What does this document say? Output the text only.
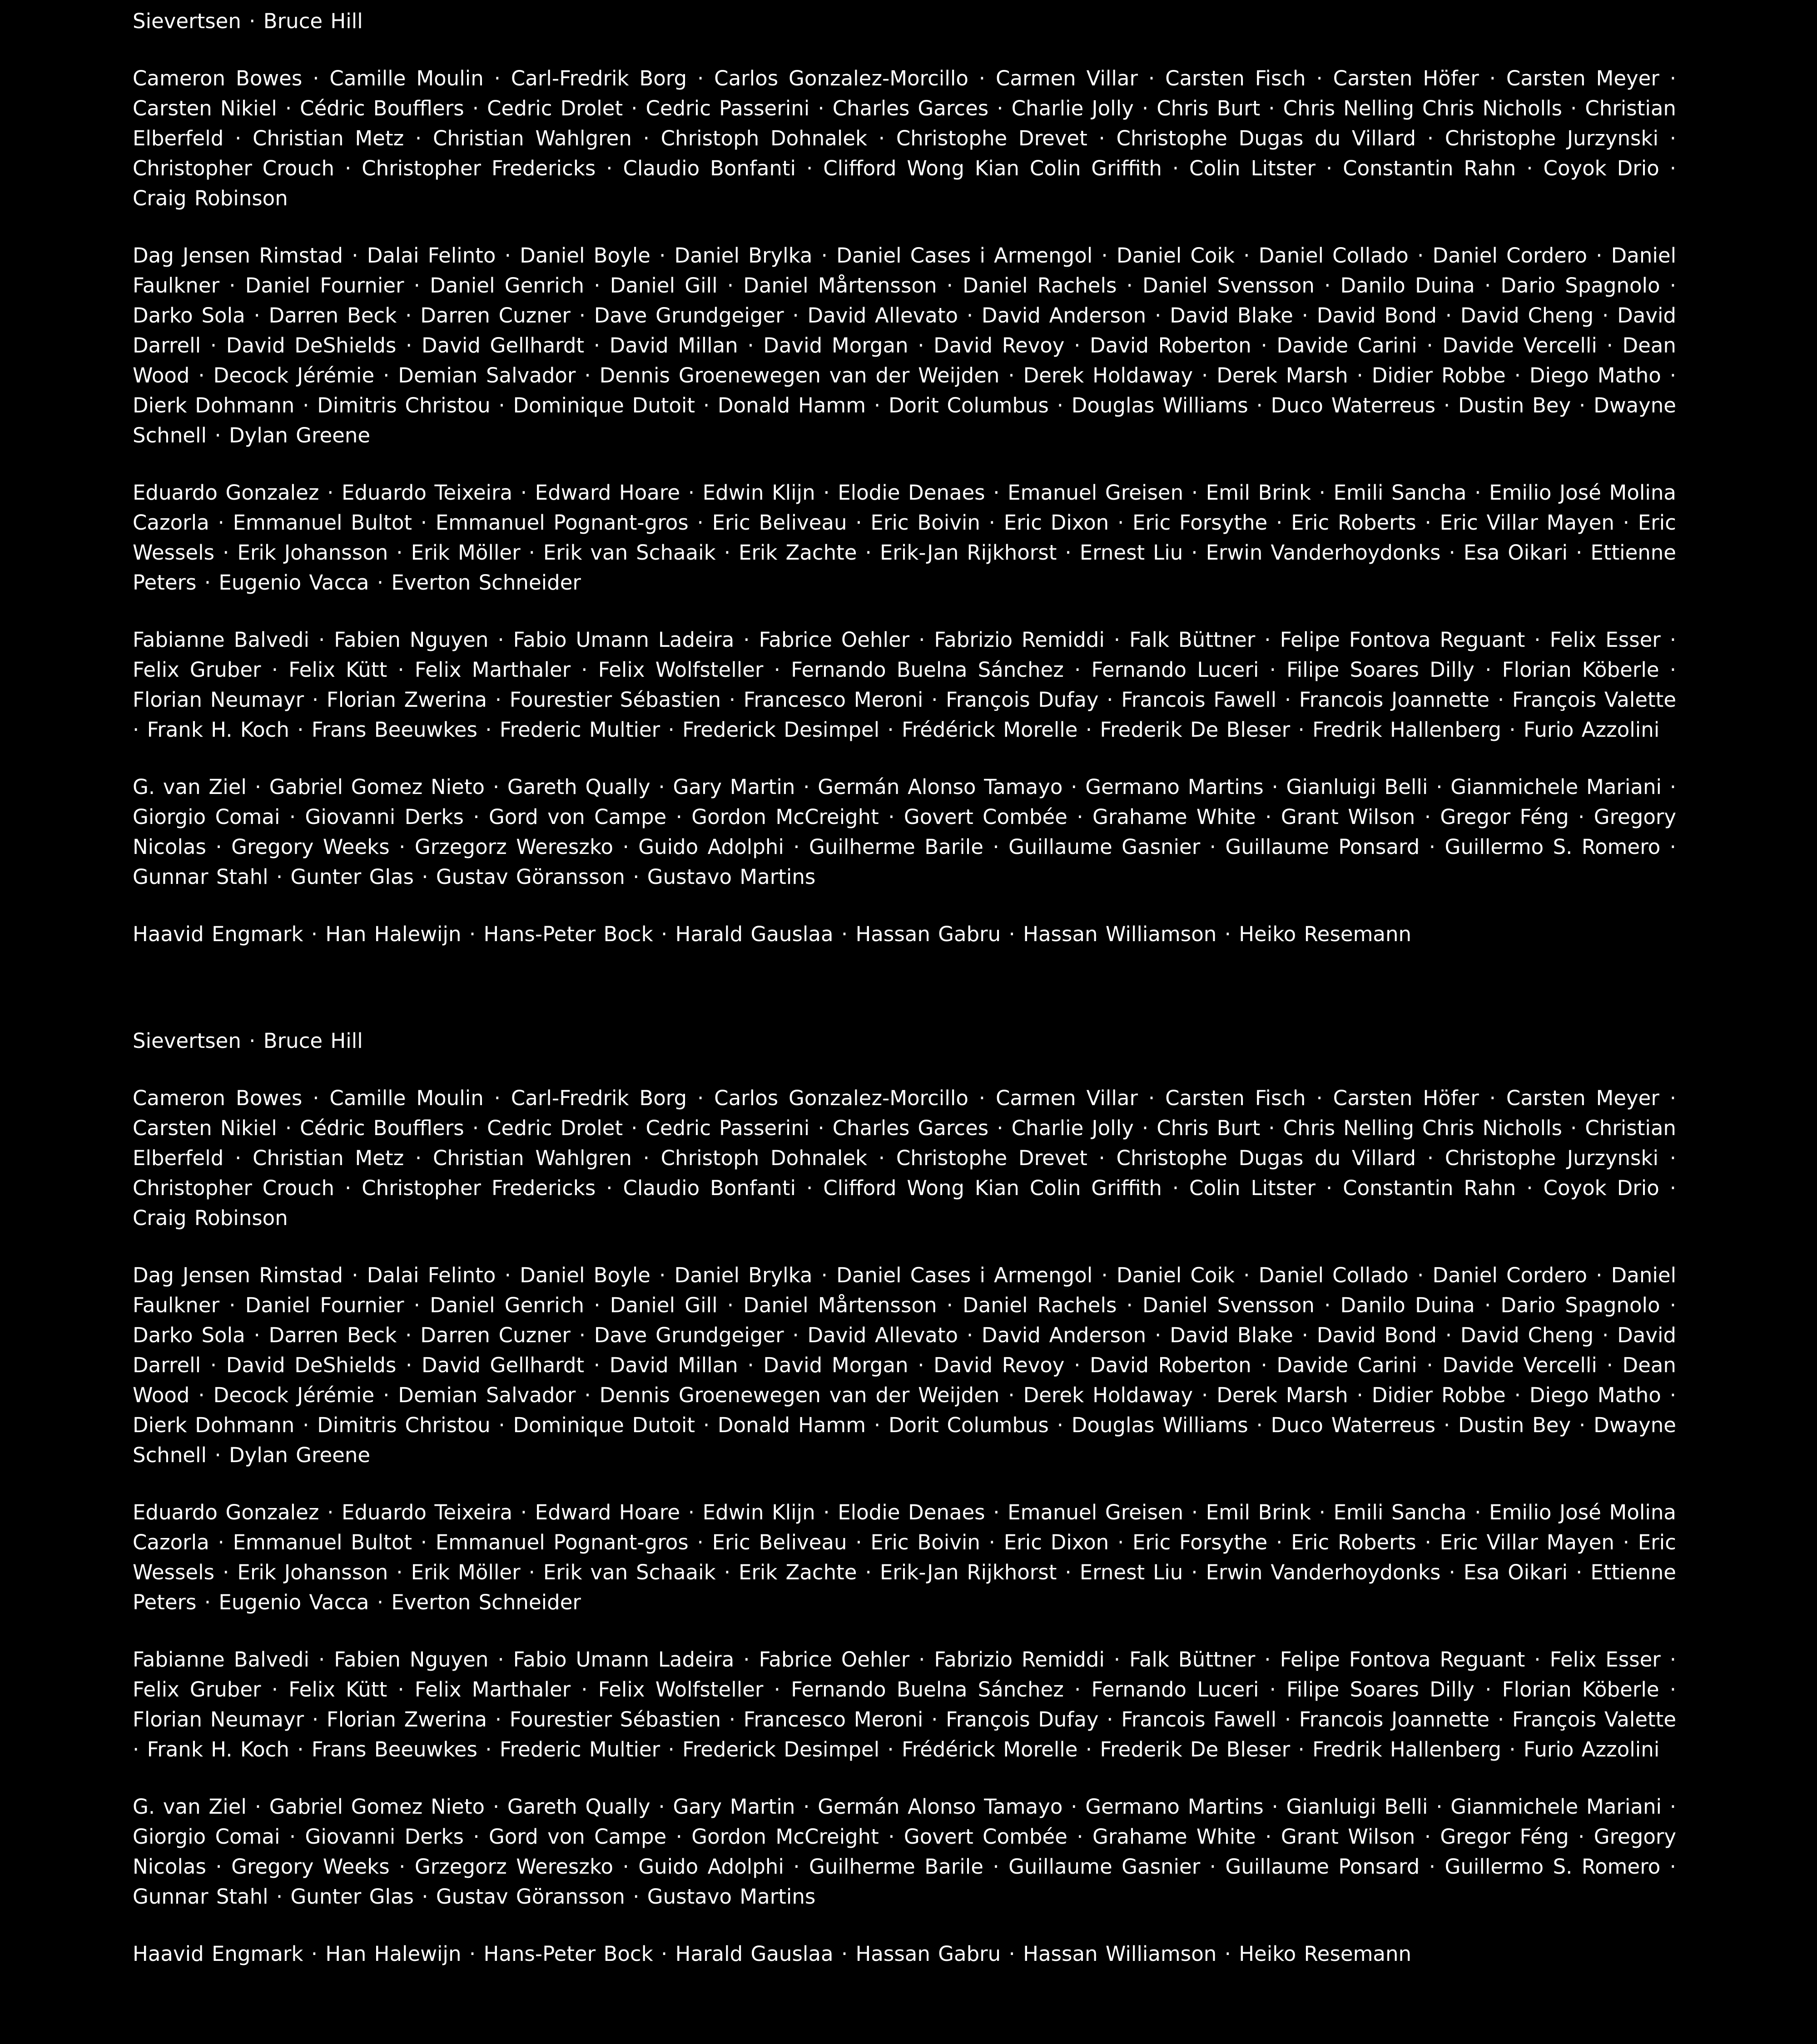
Sievertsen · Bruce Hill

Cameron Bowes · Camille Moulin · Carl-Fredrik Borg · Carlos Gonzalez-Morcillo · Carmen Villar · Carsten Fisch · Carsten Höfer · Carsten Meyer · Carsten Nikiel · Cédric Boufflers · Cedric Drolet · Cedric Passerini · Charles Garces · Charlie Jolly · Chris Burt · Chris Nelling Chris Nicholls · Christian Elberfeld · Christian Metz · Christian Wahlgren · Christoph Dohnalek · Christophe Drevet · Christophe Dugas du Villard · Christophe Jurzynski · Christopher Crouch · Christopher Fredericks · Claudio Bonfanti · Clifford Wong Kian Colin Griffith · Colin Litster · Constantin Rahn · Coyok Drio · Craig Robinson

Dag Jensen Rimstad · Dalai Felinto · Daniel Boyle · Daniel Brylka · Daniel Cases i Armengol · Daniel Coik · Daniel Collado · Daniel Cordero · Daniel Faulkner · Daniel Fournier · Daniel Genrich · Daniel Gill · Daniel Mårtensson · Daniel Rachels · Daniel Svensson · Danilo Duina · Dario Spagnolo · Darko Sola · Darren Beck · Darren Cuzner · Dave Grundgeiger · David Allevato · David Anderson · David Blake · David Bond · David Cheng · David Darrell · David DeShields · David Gellhardt · David Millan · David Morgan · David Revoy · David Roberton · Davide Carini · Davide Vercelli · Dean Wood · Decock Jérémie · Demian Salvador · Dennis Groenewegen van der Weijden · Derek Holdaway · Derek Marsh · Didier Robbe · Diego Matho · Dierk Dohmann · Dimitris Christou · Dominique Dutoit · Donald Hamm · Dorit Columbus · Douglas Williams · Duco Waterreus · Dustin Bey · Dwayne Schnell · Dylan Greene

Eduardo Gonzalez · Eduardo Teixeira · Edward Hoare · Edwin Klijn · Elodie Denaes · Emanuel Greisen · Emil Brink · Emili Sancha · Emilio José Molina Cazorla · Emmanuel Bultot · Emmanuel Pognant-gros · Eric Beliveau · Eric Boivin · Eric Dixon · Eric Forsythe · Eric Roberts · Eric Villar Mayen · Eric Wessels · Erik Johansson · Erik Möller · Erik van Schaaik · Erik Zachte · Erik-Jan Rijkhorst · Ernest Liu · Erwin Vanderhoydonks · Esa Oikari · Ettienne Peters · Eugenio Vacca · Everton Schneider

Fabianne Balvedi · Fabien Nguyen · Fabio Umann Ladeira · Fabrice Oehler · Fabrizio Remiddi · Falk Büttner · Felipe Fontova Reguant · Felix Esser · Felix Gruber · Felix Kütt · Felix Marthaler · Felix Wolfsteller · Fernando Buelna Sánchez · Fernando Luceri · Filipe Soares Dilly · Florian Köberle · Florian Neumayr · Florian Zwerina · Fourestier Sébastien · Francesco Meroni · François Dufay · Francois Fawell · Francois Joannette · François Valette · Frank H. Koch · Frans Beeuwkes · Frederic Multier · Frederick Desimpel · Frédérick Morelle · Frederik De Bleser · Fredrik Hallenberg · Furio Azzolini

G. van Ziel · Gabriel Gomez Nieto · Gareth Qually · Gary Martin · Germán Alonso Tamayo · Germano Martins · Gianluigi Belli · Gianmichele Mariani · Giorgio Comai · Giovanni Derks · Gord von Campe · Gordon McCreight · Govert Combée · Grahame White · Grant Wilson · Gregor Féng · Gregory Nicolas · Gregory Weeks · Grzegorz Wereszko · Guido Adolphi · Guilherme Barile · Guillaume Gasnier · Guillaume Ponsard · Guillermo S. Romero · Gunnar Stahl · Gunter Glas · Gustav Göransson · Gustavo Martins

Haavid Engmark · Han Halewijn · Hans-Peter Bock · Harald Gauslaa · Hassan Gabru · Hassan Williamson · Heiko Resemann

Sievertsen · Bruce Hill

Cameron Bowes · Camille Moulin · Carl-Fredrik Borg · Carlos Gonzalez-Morcillo · Carmen Villar · Carsten Fisch · Carsten Höfer · Carsten Meyer · Carsten Nikiel · Cédric Boufflers · Cedric Drolet · Cedric Passerini · Charles Garces · Charlie Jolly · Chris Burt · Chris Nelling Chris Nicholls · Christian Elberfeld · Christian Metz · Christian Wahlgren · Christoph Dohnalek · Christophe Drevet · Christophe Dugas du Villard · Christophe Jurzynski · Christopher Crouch · Christopher Fredericks · Claudio Bonfanti · Clifford Wong Kian Colin Griffith · Colin Litster · Constantin Rahn · Coyok Drio · Craig Robinson

Dag Jensen Rimstad · Dalai Felinto · Daniel Boyle · Daniel Brylka · Daniel Cases i Armengol · Daniel Coik · Daniel Collado · Daniel Cordero · Daniel Faulkner · Daniel Fournier · Daniel Genrich · Daniel Gill · Daniel Mårtensson · Daniel Rachels · Daniel Svensson · Danilo Duina · Dario Spagnolo · Darko Sola · Darren Beck · Darren Cuzner · Dave Grundgeiger · David Allevato · David Anderson · David Blake · David Bond · David Cheng · David Darrell · David DeShields · David Gellhardt · David Millan · David Morgan · David Revoy · David Roberton · Davide Carini · Davide Vercelli · Dean Wood · Decock Jérémie · Demian Salvador · Dennis Groenewegen van der Weijden · Derek Holdaway · Derek Marsh · Didier Robbe · Diego Matho · Dierk Dohmann · Dimitris Christou · Dominique Dutoit · Donald Hamm · Dorit Columbus · Douglas Williams · Duco Waterreus · Dustin Bey · Dwayne Schnell · Dylan Greene

Eduardo Gonzalez · Eduardo Teixeira · Edward Hoare · Edwin Klijn · Elodie Denaes · Emanuel Greisen · Emil Brink · Emili Sancha · Emilio José Molina Cazorla · Emmanuel Bultot · Emmanuel Pognant-gros · Eric Beliveau · Eric Boivin · Eric Dixon · Eric Forsythe · Eric Roberts · Eric Villar Mayen · Eric Wessels · Erik Johansson · Erik Möller · Erik van Schaaik · Erik Zachte · Erik-Jan Rijkhorst · Ernest Liu · Erwin Vanderhoydonks · Esa Oikari · Ettienne Peters · Eugenio Vacca · Everton Schneider

Fabianne Balvedi · Fabien Nguyen · Fabio Umann Ladeira · Fabrice Oehler · Fabrizio Remiddi · Falk Büttner · Felipe Fontova Reguant · Felix Esser · Felix Gruber · Felix Kütt · Felix Marthaler · Felix Wolfsteller · Fernando Buelna Sánchez · Fernando Luceri · Filipe Soares Dilly · Florian Köberle · Florian Neumayr · Florian Zwerina · Fourestier Sébastien · Francesco Meroni · François Dufay · Francois Fawell · Francois Joannette · François Valette · Frank H. Koch · Frans Beeuwkes · Frederic Multier · Frederick Desimpel · Frédérick Morelle · Frederik De Bleser · Fredrik Hallenberg · Furio Azzolini

G. van Ziel · Gabriel Gomez Nieto · Gareth Qually · Gary Martin · Germán Alonso Tamayo · Germano Martins · Gianluigi Belli · Gianmichele Mariani · Giorgio Comai · Giovanni Derks · Gord von Campe · Gordon McCreight · Govert Combée · Grahame White · Grant Wilson · Gregor Féng · Gregory Nicolas · Gregory Weeks · Grzegorz Wereszko · Guido Adolphi · Guilherme Barile · Guillaume Gasnier · Guillaume Ponsard · Guillermo S. Romero · Gunnar Stahl · Gunter Glas · Gustav Göransson · Gustavo Martins

Haavid Engmark · Han Halewijn · Hans-Peter Bock · Harald Gauslaa · Hassan Gabru · Hassan Williamson · Heiko Resemann
